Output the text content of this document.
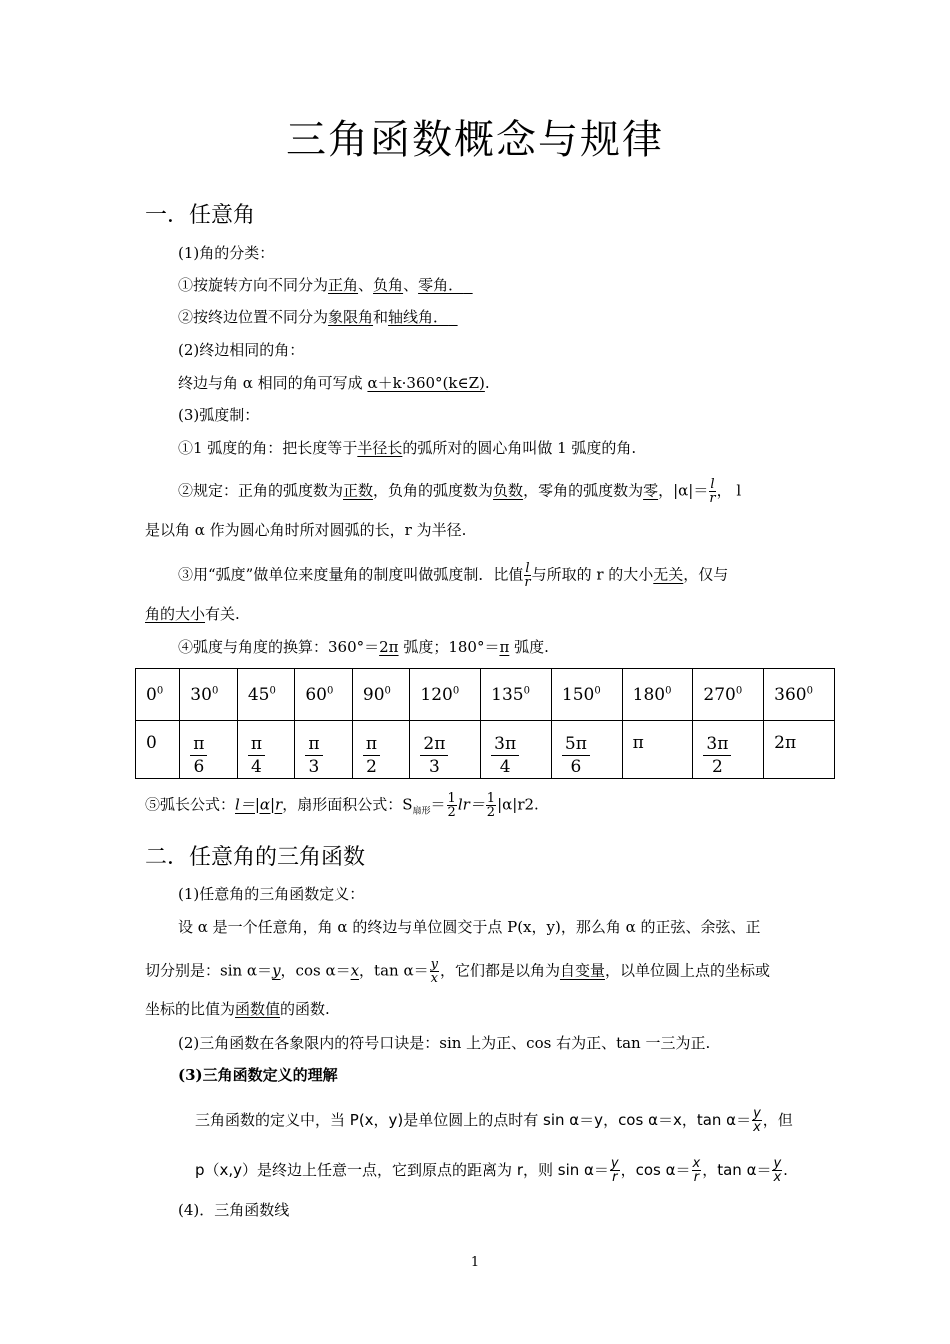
三角函数概念与规律
一．任意角
(1)角的分类：
①按旋转方向不同分为正角、负角、零角．
②按终边位置不同分为象限角和轴线角．
(2)终边相同的角：
终边与角 α 相同的角可写成 α＋k·360°(k∈Z).
(3)弧度制：
①1 弧度的角：把长度等于半径长的弧所对的圆心角叫做 1 弧度的角.
②规定：正角的弧度数为正数，负角的弧度数为负数，零角的弧度数为零，$|\alpha|= \frac{l}{r}$ ， l
是以角 α 作为圆心角时所对圆弧的长，r 为半径.
③用“弧度”做单位来度量角的制度叫做弧度制．比值 $\frac{l}{r}$ 与所取的 r 的大小无关，仅与
角的大小有关.
④弧度与角度的换算：360°＝2π 弧度；180°＝π 弧度.
$0^0$	$30^0$	$45^0$	$60^0$	$90^0$	$120^0$	$135^0$	$150^0$	$180^0$	$270^0$	$360^0$
0	$\frac{\pi}{6}$	$\frac{\pi}{4}$	$\frac{\pi}{3}$	$\frac{\pi}{2}$	$\frac{2\pi}{3}$	$\frac{3\pi}{4}$	$\frac{5\pi}{6}$	π	$\frac{3\pi}{2}$	2π
⑤弧长公式：l＝|α|r，扇形面积公式：$S_{扇形}= \frac{1}{2} lr= \frac{1}{2} |\alpha|r2$.
二．任意角的三角函数
(1)任意角的三角函数定义：
设 α 是一个任意角，角 α 的终边与单位圆交于点 P(x，y)，那么角 α 的正弦、余弦、正
切分别是：sin α＝y，cos α＝x，$\tan \alpha= \frac{y}{x}$ ，它们都是以角为自变量，以单位圆上点的坐标或
坐标的比值为函数值的函数.
(2)三角函数在各象限内的符号口诀是：sin 上为正、cos 右为正、tan 一三为正.
(3)三角函数定义的理解
三角函数的定义中，当 P(x，y)是单位圆上的点时有 sin α＝y，cos α＝x，$\tan \alpha= \frac{y}{x}$ ，但
p（x,y）是终边上任意一点，它到原点的距离为 r，则 $\sin \alpha= \frac{y}{r}$ ，$\cos \alpha= \frac{x}{r}$ ，$\tan \alpha= \frac{y}{x}$ .
(4)．三角函数线
1
